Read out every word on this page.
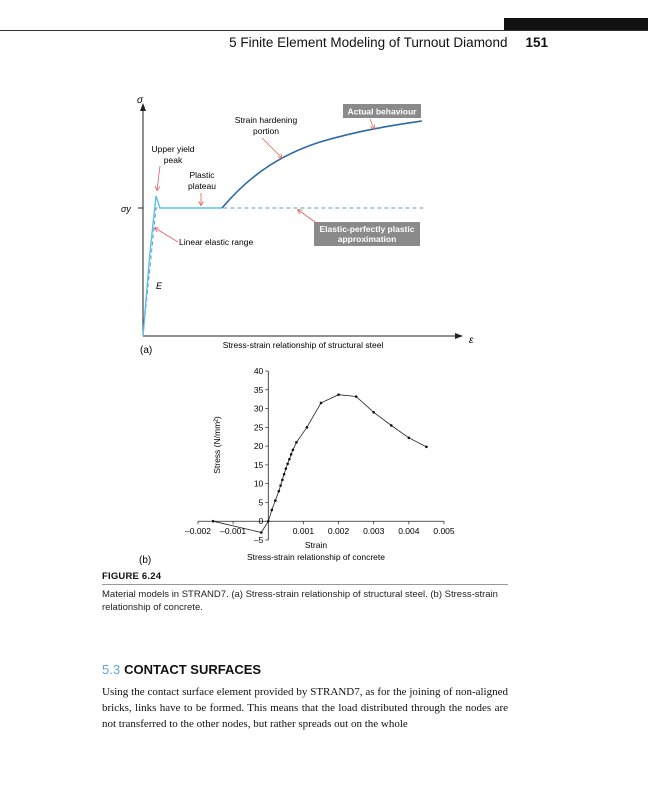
5 Finite Element Modeling of Turnout Diamond 151
σ
ε
σy
E
Strain hardening
portion
Actual behaviour
Upper yield
peak
Plastic
plateau
Elastic-perfectly plastic
approximation
Linear elastic range
(a)	Stress-strain relationship of structural steel
–5
0
5
10
15
20
25
30
35
40
–0.002 –0.001	0.001 0.002 0.003 0.004 0.005
Stress (N/mm²)
Strain
(b)	Stress-strain relationship of concrete
FIGURE 6.24
Material models in STRAND7. (a) Stress-strain relationship of structural steel. (b) Stress-strain relationship of concrete.
5.3 CONTACT SURFACES
Using the contact surface element provided by STRAND7, as for the joining of non-aligned bricks, links have to be formed. This means that the load distributed through the nodes are not transferred to the other nodes, but rather spreads out on the whole
